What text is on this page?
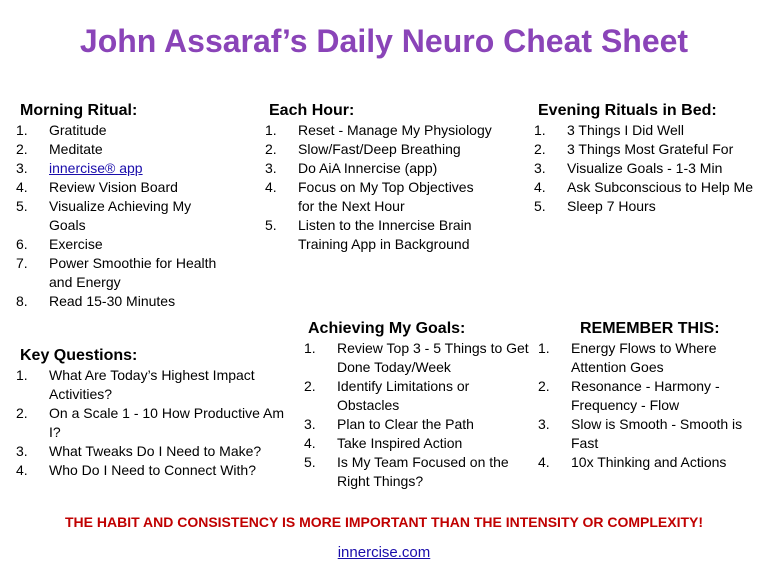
John Assaraf’s Daily Neuro Cheat Sheet
Morning Ritual:
1. Gratitude
2. Meditate
3. innercise® app
4. Review Vision Board
5. Visualize Achieving My Goals
6. Exercise
7. Power Smoothie for Health and Energy
8. Read 15-30 Minutes
Each Hour:
1. Reset - Manage My Physiology
2. Slow/Fast/Deep Breathing
3. Do AiA Innercise (app)
4. Focus on My Top Objectives for the Next Hour
5. Listen to the Innercise Brain Training App in Background
Evening Rituals in Bed:
1. 3 Things I Did Well
2. 3 Things Most Grateful For
3. Visualize Goals - 1-3 Min
4. Ask Subconscious to Help Me
5. Sleep 7 Hours
Key Questions:
1. What Are Today’s Highest Impact Activities?
2. On a Scale 1 - 10 How Productive Am I?
3. What Tweaks Do I Need to Make?
4. Who Do I Need to Connect With?
Achieving My Goals:
1. Review Top 3 - 5 Things to Get Done Today/Week
2. Identify Limitations or Obstacles
3. Plan to Clear the Path
4. Take Inspired Action
5. Is My Team Focused on the Right Things?
REMEMBER THIS:
1. Energy Flows to Where Attention Goes
2. Resonance - Harmony - Frequency - Flow
3. Slow is Smooth - Smooth is Fast
4. 10x Thinking and Actions
THE HABIT AND CONSISTENCY IS MORE IMPORTANT THAN THE INTENSITY OR COMPLEXITY!
innercise.com
